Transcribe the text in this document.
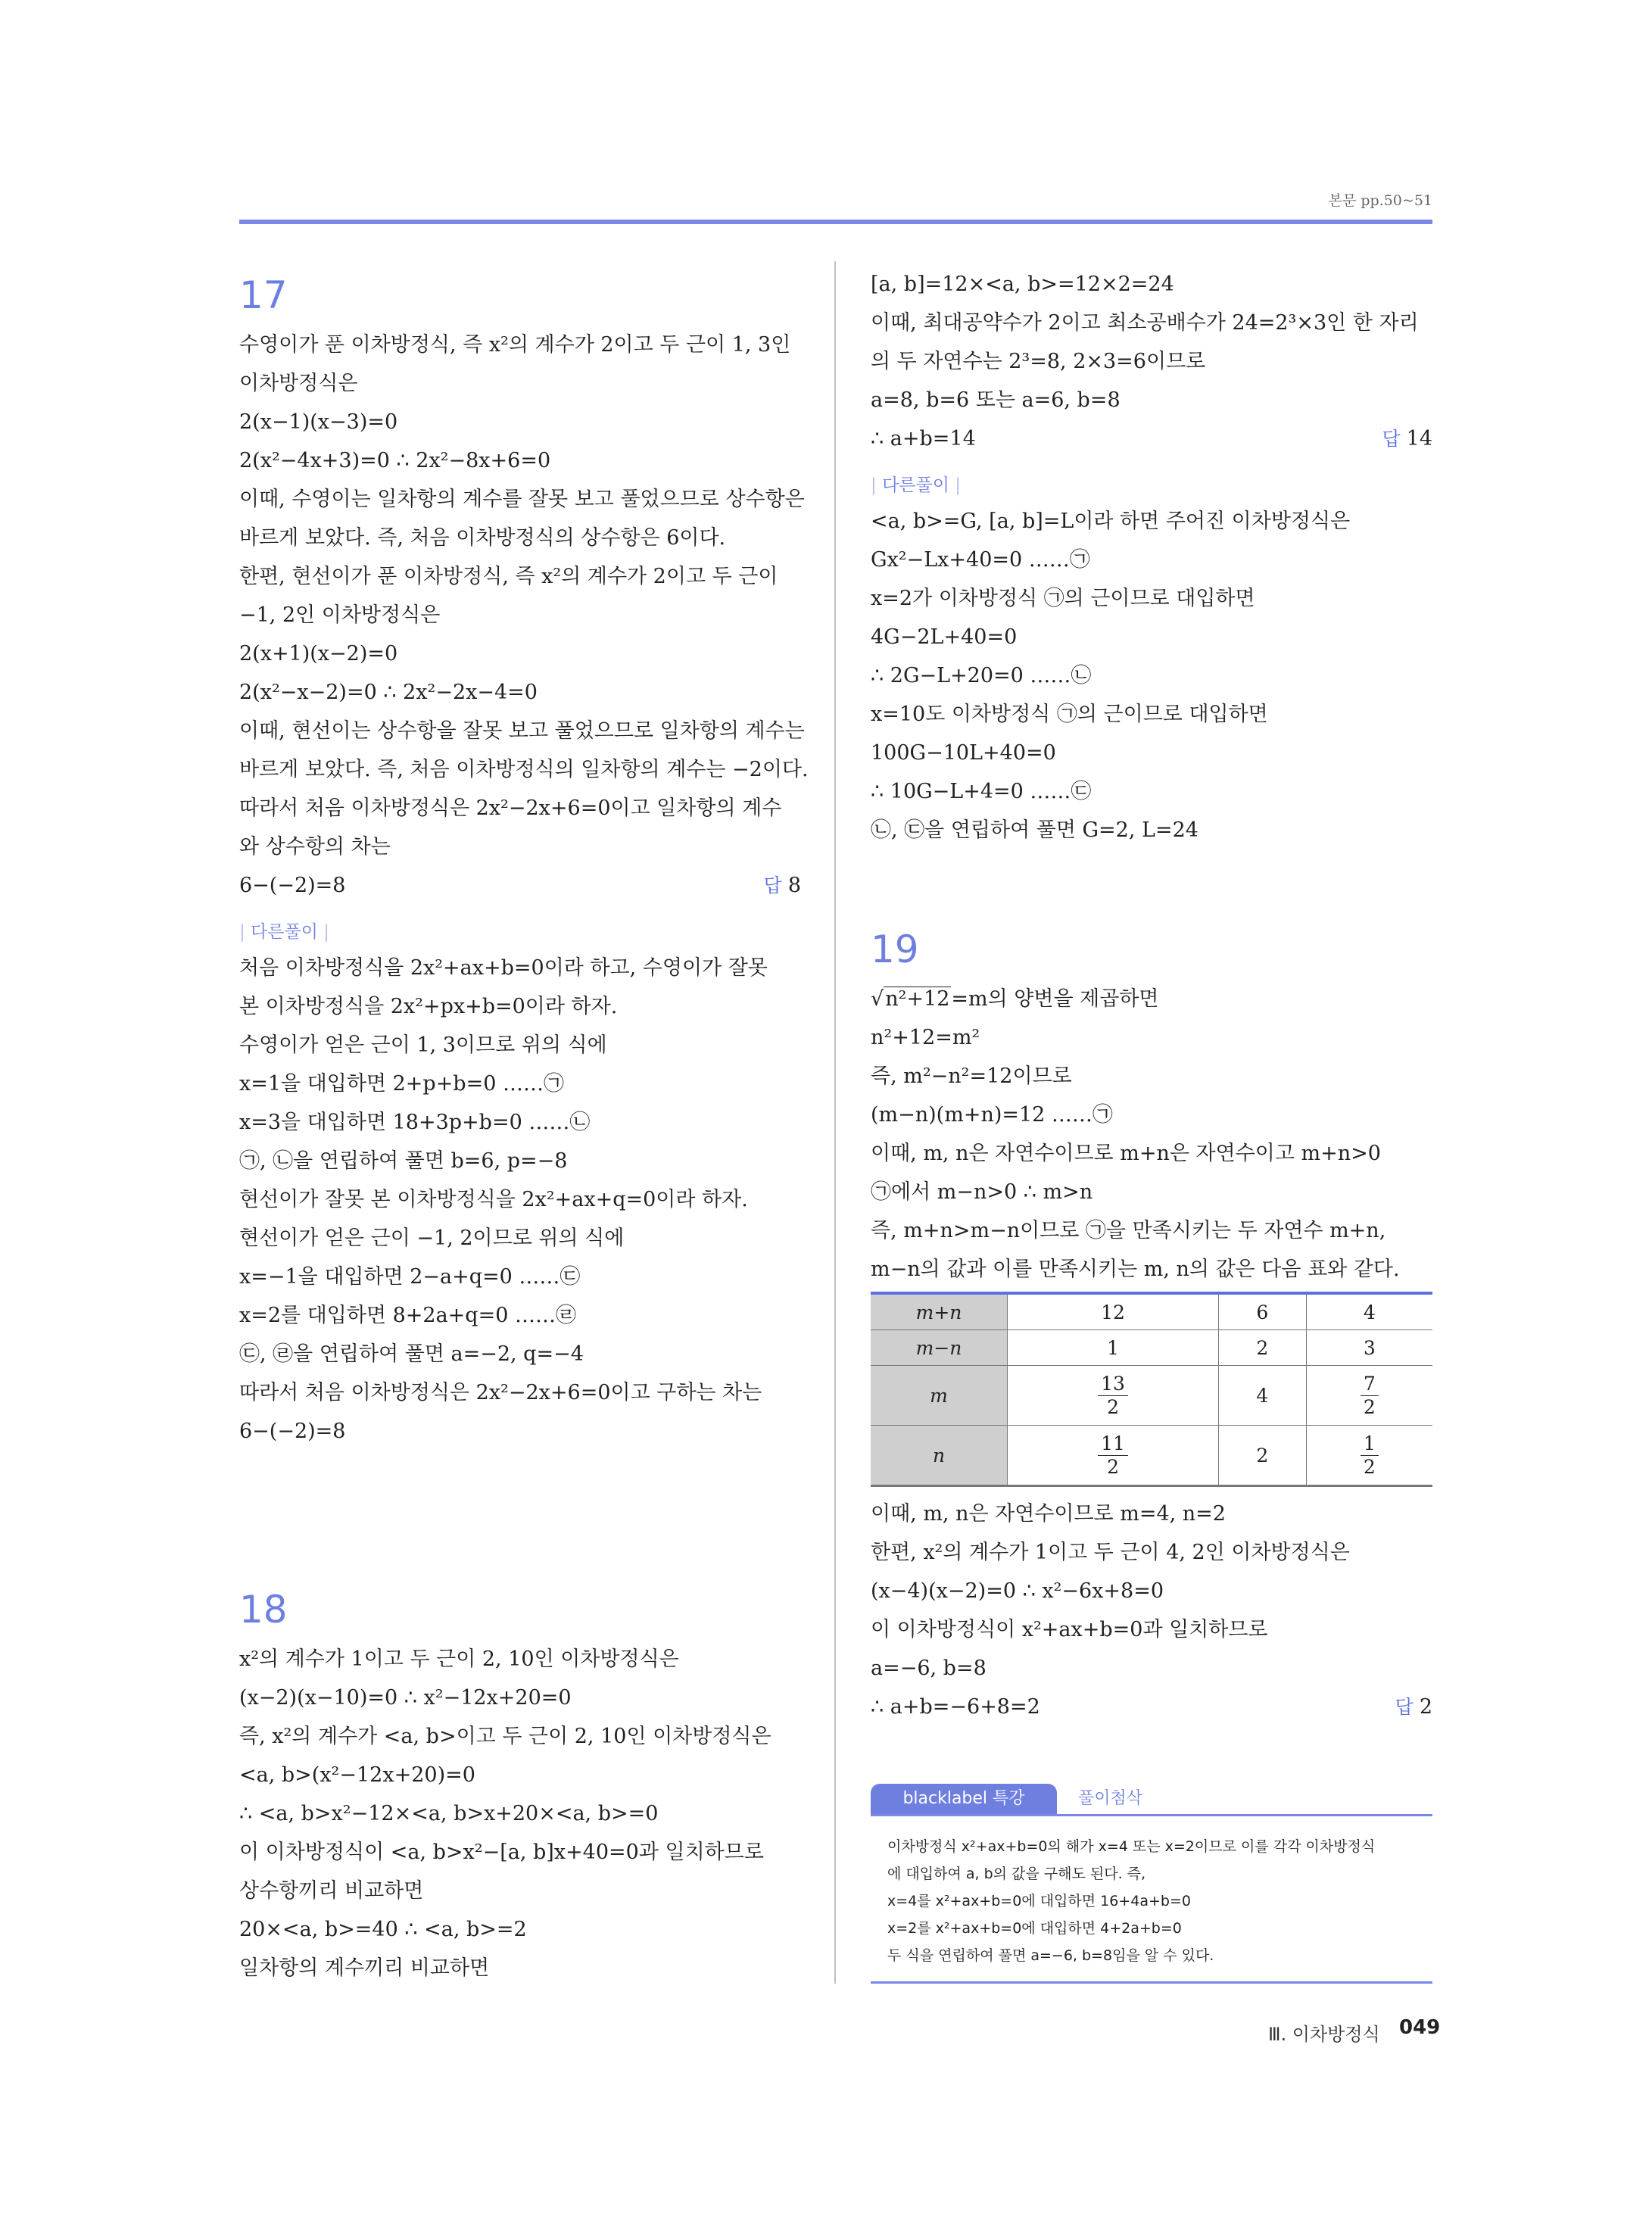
본문 pp.50~51
17
수영이가 푼 이차방정식, 즉 x²의 계수가 2이고 두 근이 1, 3인
이차방정식은
2(x−1)(x−3)=0
2(x²−4x+3)=0 ∴ 2x²−8x+6=0
이때, 수영이는 일차항의 계수를 잘못 보고 풀었으므로 상수항은
바르게 보았다. 즉, 처음 이차방정식의 상수항은 6이다.
한편, 현선이가 푼 이차방정식, 즉 x²의 계수가 2이고 두 근이
−1, 2인 이차방정식은
2(x+1)(x−2)=0
2(x²−x−2)=0 ∴ 2x²−2x−4=0
이때, 현선이는 상수항을 잘못 보고 풀었으므로 일차항의 계수는
바르게 보았다. 즉, 처음 이차방정식의 일차항의 계수는 −2이다.
따라서 처음 이차방정식은 2x²−2x+6=0이고 일차항의 계수
와 상수항의 차는
6−(−2)=8	답 8
| 다른풀이 |
처음 이차방정식을 2x²+ax+b=0이라 하고, 수영이가 잘못
본 이차방정식을 2x²+px+b=0이라 하자.
수영이가 얻은 근이 1, 3이므로 위의 식에
x=1을 대입하면 2+p+b=0 ……㉠
x=3을 대입하면 18+3p+b=0 ……㉡
㉠, ㉡을 연립하여 풀면 b=6, p=−8
현선이가 잘못 본 이차방정식을 2x²+ax+q=0이라 하자.
현선이가 얻은 근이 −1, 2이므로 위의 식에
x=−1을 대입하면 2−a+q=0 ……㉢
x=2를 대입하면 8+2a+q=0 ……㉣
㉢, ㉣을 연립하여 풀면 a=−2, q=−4
따라서 처음 이차방정식은 2x²−2x+6=0이고 구하는 차는
6−(−2)=8
18
x²의 계수가 1이고 두 근이 2, 10인 이차방정식은
(x−2)(x−10)=0 ∴ x²−12x+20=0
즉, x²의 계수가 <a, b>이고 두 근이 2, 10인 이차방정식은
<a, b>(x²−12x+20)=0
∴ <a, b>x²−12×<a, b>x+20×<a, b>=0
이 이차방정식이 <a, b>x²−[a, b]x+40=0과 일치하므로
상수항끼리 비교하면
20×<a, b>=40 ∴ <a, b>=2
일차항의 계수끼리 비교하면
[a, b]=12×<a, b>=12×2=24
이때, 최대공약수가 2이고 최소공배수가 24=2³×3인 한 자리
의 두 자연수는 2³=8, 2×3=6이므로
a=8, b=6 또는 a=6, b=8
∴ a+b=14	답 14
| 다른풀이 |
<a, b>=G, [a, b]=L이라 하면 주어진 이차방정식은
Gx²−Lx+40=0 ……㉠
x=2가 이차방정식 ㉠의 근이므로 대입하면
4G−2L+40=0
∴ 2G−L+20=0 ……㉡
x=10도 이차방정식 ㉠의 근이므로 대입하면
100G−10L+40=0
∴ 10G−L+4=0 ……㉢
㉡, ㉢을 연립하여 풀면 G=2, L=24
19
√n²+12=m의 양변을 제곱하면
n²+12=m²
즉, m²−n²=12이므로
(m−n)(m+n)=12 ……㉠
이때, m, n은 자연수이므로 m+n은 자연수이고 m+n>0
㉠에서 m−n>0 ∴ m>n
즉, m+n>m−n이므로 ㉠을 만족시키는 두 자연수 m+n,
m−n의 값과 이를 만족시키는 m, n의 값은 다음 표와 같다.
m+n	12	6	4
m−n	1	2	3
m	$\frac{13}{2}$	4	$\frac{7}{2}$

n	$\frac{11}{2}$	2	$\frac{1}{2}$
이때, m, n은 자연수이므로 m=4, n=2
한편, x²의 계수가 1이고 두 근이 4, 2인 이차방정식은
(x−4)(x−2)=0 ∴ x²−6x+8=0
이 이차방정식이 x²+ax+b=0과 일치하므로
a=−6, b=8
∴ a+b=−6+8=2	답 2
blacklabel 특강	풀이첨삭
이차방정식 x²+ax+b=0의 해가 x=4 또는 x=2이므로 이를 각각 이차방정식
에 대입하여 a, b의 값을 구해도 된다. 즉,
x=4를 x²+ax+b=0에 대입하면 16+4a+b=0
x=2를 x²+ax+b=0에 대입하면 4+2a+b=0
두 식을 연립하여 풀면 a=−6, b=8임을 알 수 있다.
Ⅲ. 이차방정식 049
